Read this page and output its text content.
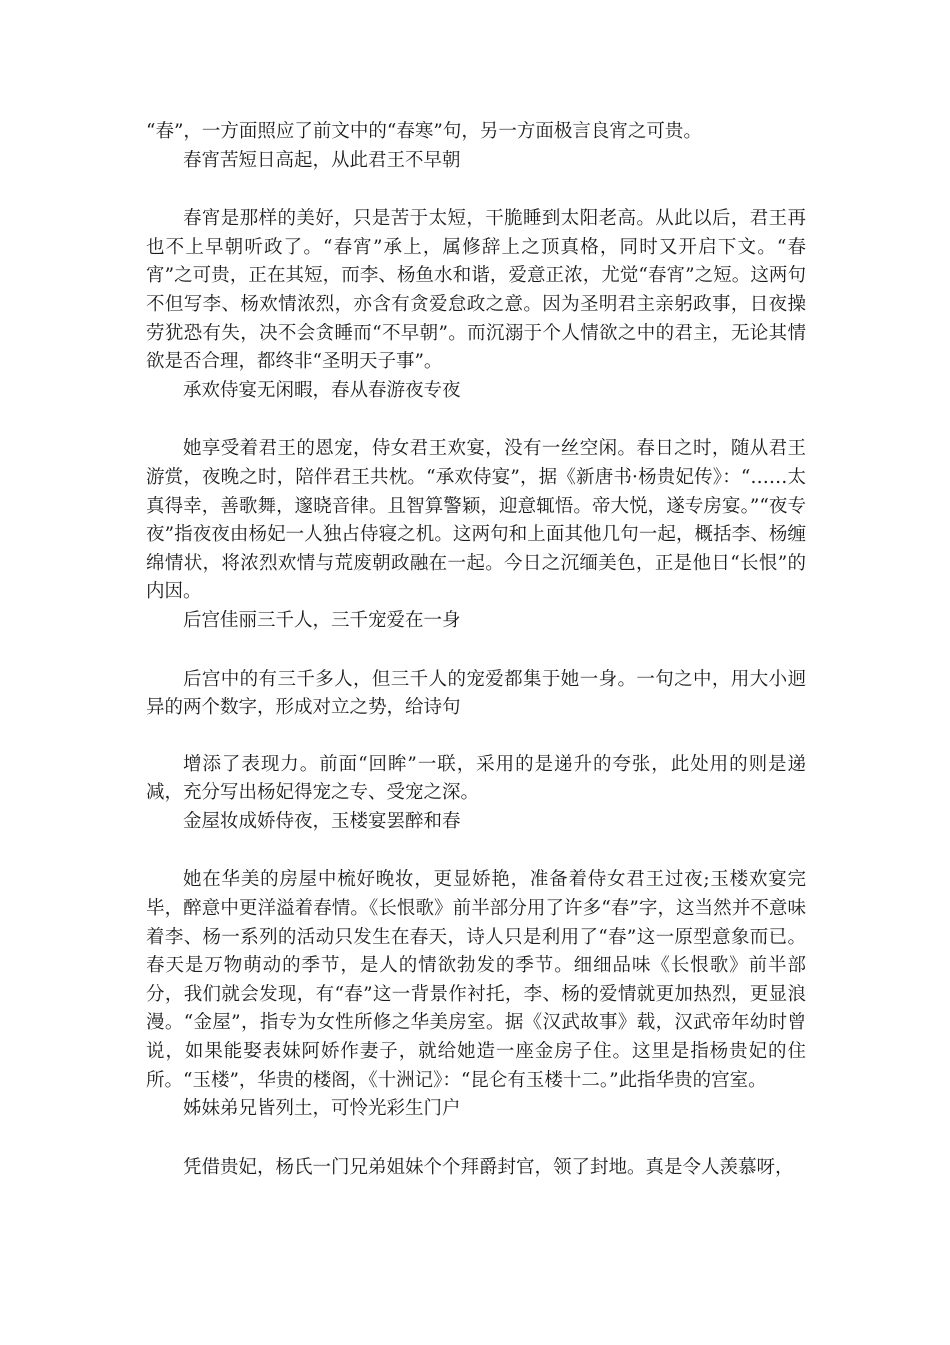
“春”，一方面照应了前文中的“春寒”句，另一方面极言良宵之可贵。

春宵苦短日高起，从此君王不早朝

春宵是那样的美好，只是苦于太短，干脆睡到太阳老高。从此以后，君王再也不上早朝听政了。“春宵”承上，属修辞上之顶真格，同时又开启下文。“春宵”之可贵，正在其短，而李、杨鱼水和谐，爱意正浓，尤觉“春宵”之短。这两句不但写李、杨欢情浓烈，亦含有贪爱怠政之意。因为圣明君主亲躬政事，日夜操劳犹恐有失，决不会贪睡而“不早朝”。而沉溺于个人情欲之中的君主，无论其情欲是否合理，都终非“圣明天子事”。

承欢侍宴无闲暇，春从春游夜专夜

她享受着君王的恩宠，侍女君王欢宴，没有一丝空闲。春日之时，随从君王游赏，夜晚之时，陪伴君王共枕。“承欢侍宴”，据《新唐书·杨贵妃传》：“……太真得幸，善歌舞，邃晓音律。且智算警颖，迎意辄悟。帝大悦，遂专房宴。”“夜专夜”指夜夜由杨妃一人独占侍寝之机。这两句和上面其他几句一起，概括李、杨缠绵情状，将浓烈欢情与荒废朝政融在一起。今日之沉缅美色，正是他日“长恨”的内因。

后宫佳丽三千人，三千宠爱在一身

后宫中的有三千多人，但三千人的宠爱都集于她一身。一句之中，用大小迥异的两个数字，形成对立之势，给诗句

增添了表现力。前面“回眸”一联，采用的是递升的夸张，此处用的则是递减，充分写出杨妃得宠之专、受宠之深。

金屋妆成娇侍夜，玉楼宴罢醉和春

她在华美的房屋中梳好晚妆，更显娇艳，准备着侍女君王过夜;玉楼欢宴完毕，醉意中更洋溢着春情。《长恨歌》前半部分用了许多“春”字，这当然并不意味着李、杨一系列的活动只发生在春天，诗人只是利用了“春”这一原型意象而已。春天是万物萌动的季节，是人的情欲勃发的季节。细细品味《长恨歌》前半部分，我们就会发现，有“春”这一背景作衬托，李、杨的爱情就更加热烈，更显浪漫。“金屋”，指专为女性所修之华美房室。据《汉武故事》载，汉武帝年幼时曾说，如果能娶表妹阿娇作妻子，就给她造一座金房子住。这里是指杨贵妃的住所。“玉楼”，华贵的楼阁，《十洲记》：“昆仑有玉楼十二。”此指华贵的宫室。

姊妹弟兄皆列土，可怜光彩生门户

凭借贵妃，杨氏一门兄弟姐妹个个拜爵封官，领了封地。真是令人羡慕呀，
